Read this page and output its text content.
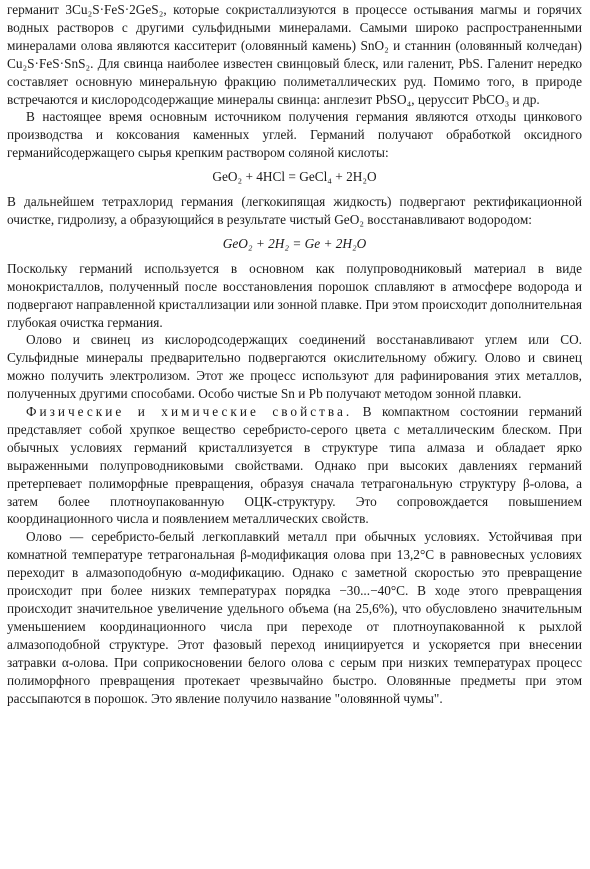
германит 3Cu₂S·FeS·2GeS₂, которые сокристаллизуются в процессе остывания магмы и горячих водных растворов с другими сульфидными минералами. Самыми широко распространенными минералами олова являются касситерит (оловянный камень) SnO₂ и станнин (оловянный колчедан) Cu₂S·FeS·SnS₂. Для свинца наиболее известен свинцовый блеск, или галенит, PbS. Галенит нередко составляет основную минеральную фракцию полиметаллических руд. Помимо того, в природе встречаются и кислородсодержащие минералы свинца: англезит PbSO₄, церуссит PbCO₃ и др.

В настоящее время основным источником получения германия являются отходы цинкового производства и коксования каменных углей. Германий получают обработкой оксидного германийсодержащего сырья крепким раствором соляной кислоты:

GeO₂ + 4HCl = GeCl₄ + 2H₂O

В дальнейшем тетрахлорид германия (легкокипящая жидкость) подвергают ректификационной очистке, гидролизу, а образующийся в результате чистый GeO₂ восстанавливают водородом:

GeO₂ + 2H₂ = Ge + 2H₂O

Поскольку германий используется в основном как полупроводниковый материал в виде монокристаллов, полученный после восстановления порошок сплавляют в атмосфере водорода и подвергают направленной кристаллизации или зонной плавке. При этом происходит дополнительная глубокая очистка германия.

Олово и свинец из кислородсодержащих соединений восстанавливают углем или CO. Сульфидные минералы предварительно подвергаются окислительному обжигу. Олово и свинец можно получить электролизом. Этот же процесс используют для рафинирования этих металлов, полученных другими способами. Особо чистые Sn и Pb получают методом зонной плавки.

Физические и химические свойства. В компактном состоянии германий представляет собой хрупкое вещество серебристо-серого цвета с металлическим блеском. При обычных условиях германий кристаллизуется в структуре типа алмаза и обладает ярко выраженными полупроводниковыми свойствами. Однако при высоких давлениях германий претерпевает полиморфные превращения, образуя сначала тетрагональную структуру β-олова, а затем более плотноупакованную ОЦК-структуру. Это сопровождается повышением координационного числа и появлением металлических свойств.

Олово — серебристо-белый легкоплавкий металл при обычных условиях. Устойчивая при комнатной температуре тетрагональная β-модификация олова при 13,2°С в равновесных условиях переходит в алмазоподобную α-модификацию. Однако с заметной скоростью это превращение происходит при более низких температурах порядка −30...−40°С. В ходе этого превращения происходит значительное увеличение удельного объема (на 25,6%), что обусловлено значительным уменьшением координационного числа при переходе от плотноупакованной к рыхлой алмазоподобной структуре. Этот фазовый переход инициируется и ускоряется при внесении затравки α-олова. При соприкосновении белого олова с серым при низких температурах процесс полиморфного превращения протекает чрезвычайно быстро. Оловянные предметы при этом рассыпаются в порошок. Это явление получило название "оловянной чумы".
